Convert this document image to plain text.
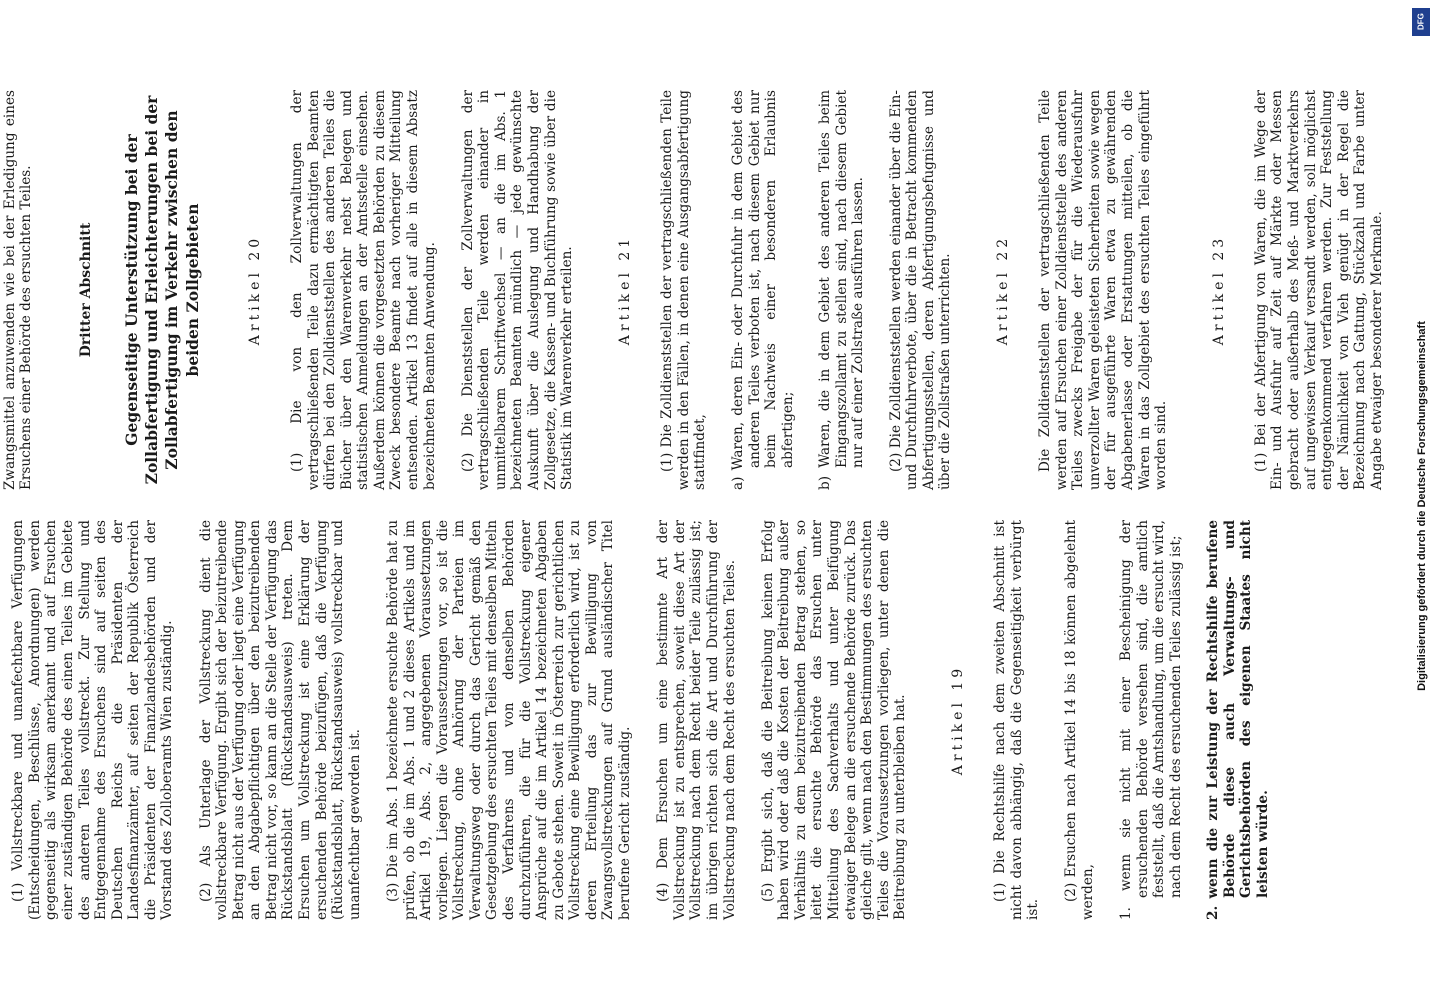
(1) Vollstreckbare und unanfechtbare Verfügungen (Entscheidungen, Beschlüsse, Anordnungen) werden gegenseitig als wirksam anerkannt und auf Ersuchen einer zuständigen Behörde des einen Teiles im Gebiete des anderen Teiles vollstreckt. Zur Stellung und Entgegennahme des Ersuchens sind auf seiten des Deutschen Reichs die Präsidenten der Landesfinanzämter, auf seiten der Republik Österreich die Präsidenten der Finanzlandesbehörden und der Vorstand des Zolloberamts Wien zuständig. (2) Als Unterlage der Vollstreckung dient die vollstreckbare Verfügung. Ergibt sich der beizutreibende Betrag nicht aus der Verfügung oder liegt eine Verfügung an den Abgabepflichtigen über den beizutreibenden Betrag nicht vor, so kann an die Stelle der Verfügung das Rückstandsblatt (Rückstandsausweis) treten. Dem Ersuchen um Vollstreckung ist eine Erklärung der ersuchenden Behörde beizufügen, daß die Verfügung (Rückstandsblatt, Rückstandsausweis) vollstreckbar und unanfechtbar geworden ist. (3) Die im Abs. 1 bezeichnete ersuchte Behörde hat zu prüfen, ob die im Abs. 1 und 2 dieses Artikels und im Artikel 19, Abs. 2, angegebenen Voraussetzungen vorliegen. Liegen die Voraussetzungen vor, so ist die Vollstreckung, ohne Anhörung der Parteien im Verwaltungsweg oder durch das Gericht gemäß den Gesetzgebung des ersuchten Teiles mit denselben Mitteln des Verfahrens und von denselben Behörden durchzuführen, die für die Vollstreckung eigener Ansprüche auf die im Artikel 14 bezeichneten Abgaben zu Gebote stehen. Soweit in Österreich zur gerichtlichen Vollstreckung eine Bewilligung erforderlich wird, ist zu deren Erteilung das zur Bewilligung von Zwangsvollstreckungen auf Grund ausländischer Titel berufene Gericht zuständig. (4) Dem Ersuchen um eine bestimmte Art der Vollstreckung ist zu entsprechen, soweit diese Art der Vollstreckung nach dem Recht beider Teile zulässig ist; im übrigen richten sich die Art und Durchführung der Vollstreckung nach dem Recht des ersuchten Teiles. (5) Ergibt sich, daß die Beitreibung keinen Erfolg haben wird oder daß die Kosten der Beitreibung außer Verhältnis zu dem beizutreibenden Betrag stehen, so leitet die ersuchte Behörde das Ersuchen unter Mitteilung des Sachverhalts und unter Beifügung etwaiger Belege an die ersuchende Behörde zurück. Das gleiche gilt, wenn nach den Bestimmungen des ersuchten Teiles die Voraussetzungen vorliegen, unter denen die Beitreibung zu unterbleiben hat.	Artikel 19 (1) Die Rechtshilfe nach dem zweiten Abschnitt ist nicht davon abhängig, daß die Gegenseitigkeit verbürgt ist.

(2) Ersuchen nach Artikel 14 bis 18 können abgelehnt werden, 1. wenn sie nicht mit einer Bescheinigung der ersuchenden Behörde versehen sind, die amtlich feststellt, daß die Amtshandlung, um die ersucht wird, nach dem Recht des ersuchenden Teiles zulässig ist; 2. wenn die zur Leistung der Rechtshilfe berufene Behörde diese auch Verwaltungs- und Gerichtsbehörden des eigenen Staates nicht leisten würde.

Zwangsmittel anzuwenden wie bei der Erledigung eines Ersuchens einer Behörde des ersuchten Teiles.

Dritter Abschnitt Gegenseitige Unterstützung bei der Zollabfertigung und Erleichterungen bei der Zollabfertigung im Verkehr zwischen den beiden Zollgebieten	Artikel 20 (1) Die von den Zollverwaltungen der vertragschließenden Teile dazu ermächtigten Beamten dürfen bei den Zolldienststellen des anderen Teiles die Bücher über den Warenverkehr nebst Belegen und statistischen Anmeldungen an der Amtsstelle einsehen. Außerdem können die vorgesetzten Behörden zu diesem Zweck besondere Beamte nach vorheriger Mitteilung entsenden. Artikel 13 findet auf alle in diesem Absatz bezeichneten Beamten Anwendung. (2) Die Dienststellen der Zollverwaltungen der vertragschließenden Teile werden einander in unmittelbarem Schriftwechsel — an die im Abs. 1 bezeichneten Beamten mündlich — jede gewünschte Auskunft über die Auslegung und Handhabung der Zollgesetze, die Kassen- und Buchführung sowie über die Statistik im Warenverkehr erteilen.	Artikel 21 (1) Die Zolldienststellen der vertragschließenden Teile werden in den Fällen, in denen eine Ausgangsabfertigung stattfindet, a) Waren, deren Ein- oder Durchfuhr in dem Gebiet des anderen Teiles verboten ist, nach diesem Gebiet nur beim Nachweis einer besonderen Erlaubnis abfertigen; b) Waren, die in dem Gebiet des anderen Teiles beim Eingangszollamt zu stellen sind, nach diesem Gebiet nur auf einer Zollstraße ausführen lassen. (2) Die Zolldienststellen werden einander über die Ein- und Durchfuhrverbote, über die in Betracht kommenden Abfertigungsstellen, deren Abfertigungsbefugnisse und über die Zollstraßen unterrichten.	Artikel 22 Die Zolldienststellen der vertragschließenden Teile werden auf Ersuchen einer Zolldienststelle des anderen Teiles zwecks Freigabe der für die Wiederausfuhr unverzollter Waren geleisteten Sicherheiten sowie wegen der für ausgeführte Waren etwa zu gewährenden Abgabenerlasse oder Erstattungen mitteilen, ob die Waren in das Zollgebiet des ersuchten Teiles eingeführt worden sind.

Artikel 23 (1) Bei der Abfertigung von Waren, die im Wege der Ein- und Ausfuhr auf Zeit auf Märkte oder Messen gebracht oder außerhalb des Meß- und Marktverkehrs auf ungewissen Verkauf versandt werden, soll möglichst entgegenkommend verfahren werden. Zur Feststellung der Nämlichkeit von Vieh genügt in der Regel die Bezeichnung nach Gattung, Stückzahl und Farbe unter Angabe etwaiger besonderer Merkmale.

DFG
Digitalisierung gefördert durch die Deutsche Forschungsgemeinschaft
